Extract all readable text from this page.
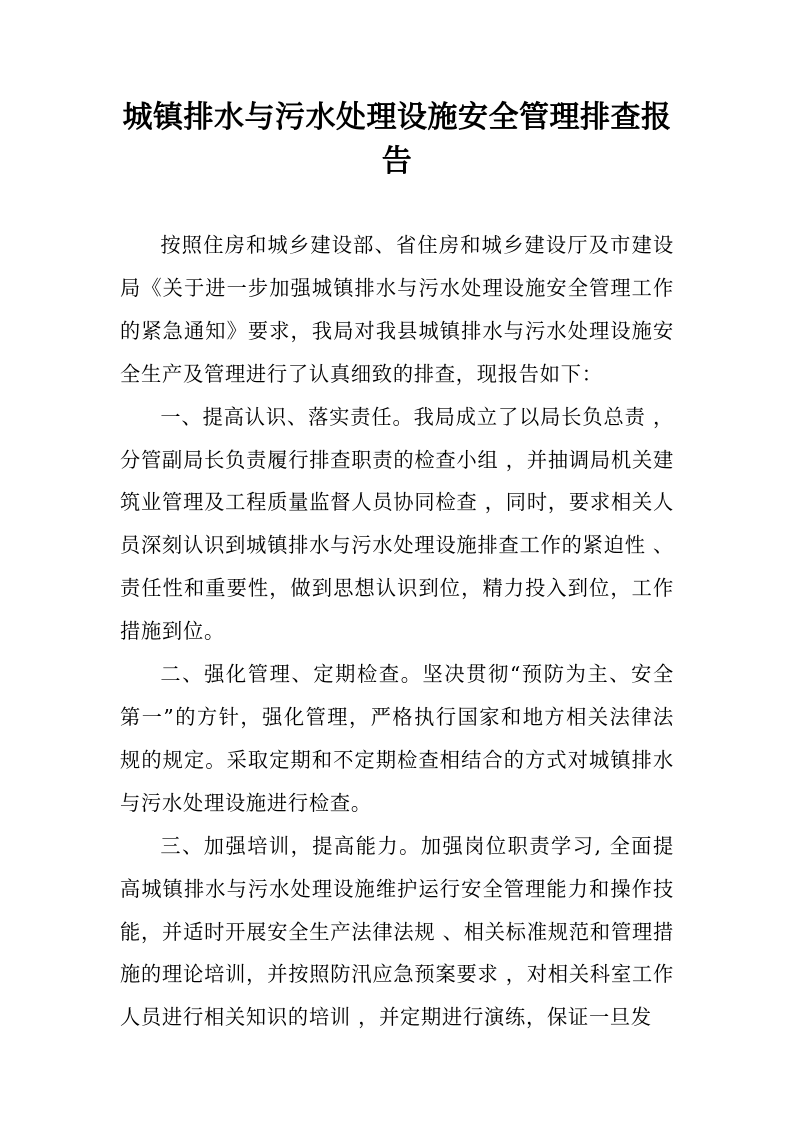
城镇排水与污水处理设施安全管理排查报告

按照住房和城乡建设部、省住房和城乡建设厅及市建设局《关于进一步加强城镇排水与污水处理设施安全管理工作的紧急通知》要求，我局对我县城镇排水与污水处理设施安全生产及管理进行了认真细致的排查，现报告如下：

一、提高认识、落实责任。我局成立了以局长负总责 ，分管副局长负责履行排查职责的检查小组 ，并抽调局机关建筑业管理及工程质量监督人员协同检查 ，同时，要求相关人员深刻认识到城镇排水与污水处理设施排查工作的紧迫性 、责任性和重要性，做到思想认识到位，精力投入到位，工作措施到位。

二、强化管理、定期检查。坚决贯彻“预防为主、安全第一”的方针，强化管理，严格执行国家和地方相关法律法规的规定。采取定期和不定期检查相结合的方式对城镇排水与污水处理设施进行检查。

三、加强培训，提高能力。加强岗位职责学习, 全面提高城镇排水与污水处理设施维护运行安全管理能力和操作技能，并适时开展安全生产法律法规 、相关标准规范和管理措施的理论培训，并按照防汛应急预案要求 ，对相关科室工作人员进行相关知识的培训 ，并定期进行演练，保证一旦发
